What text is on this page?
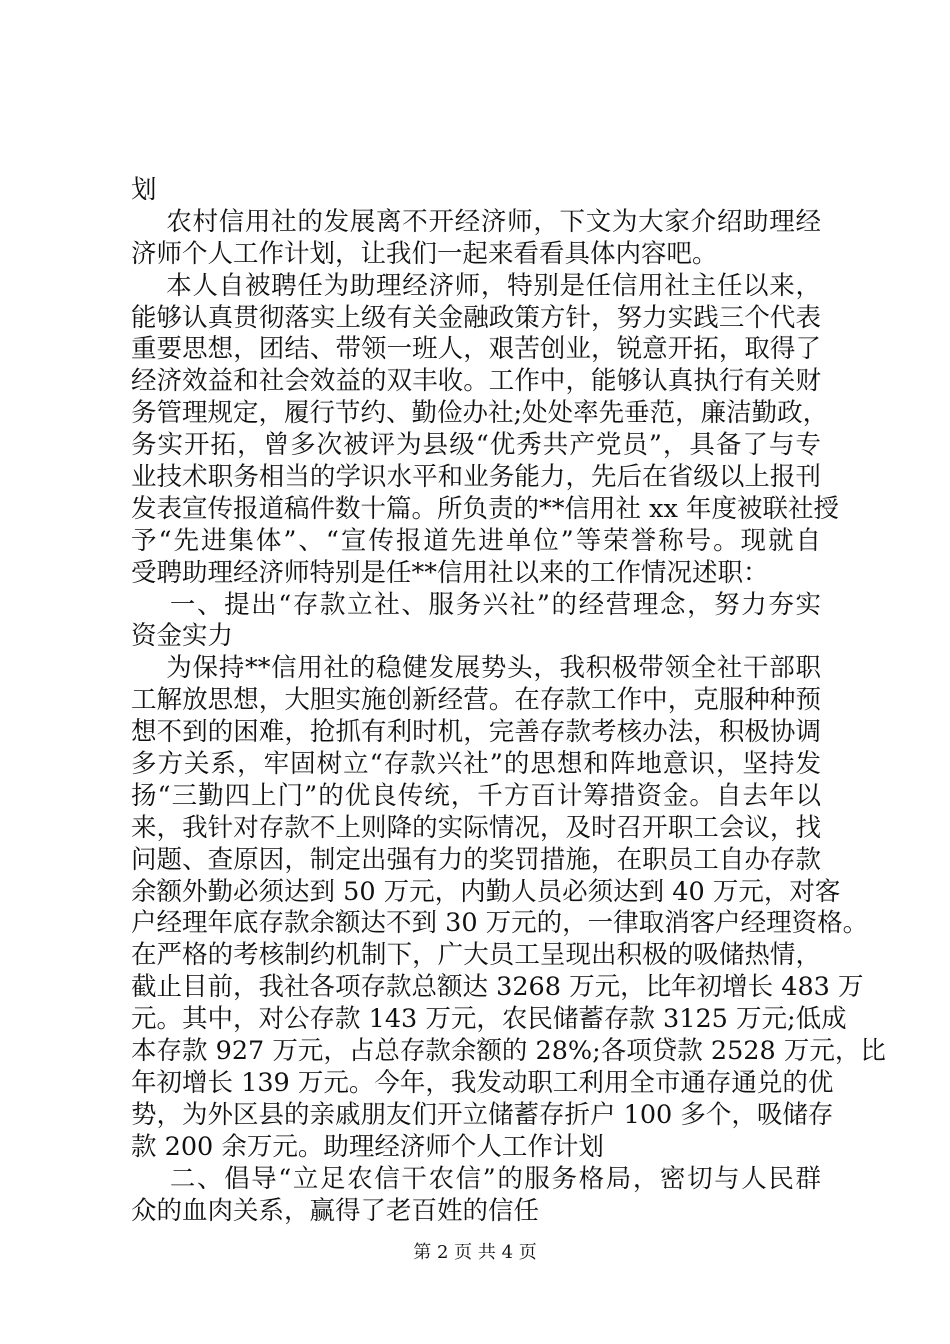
划
农村信用社的发展离不开经济师，下文为大家介绍助理经
济师个人工作计划，让我们一起来看看具体内容吧。
本人自被聘任为助理经济师，特别是任信用社主任以来，
能够认真贯彻落实上级有关金融政策方针，努力实践三个代表
重要思想，团结、带领一班人，艰苦创业，锐意开拓，取得了
经济效益和社会效益的双丰收。工作中，能够认真执行有关财
务管理规定，履行节约、勤俭办社;处处率先垂范，廉洁勤政，
务实开拓，曾多次被评为县级“优秀共产党员”，具备了与专
业技术职务相当的学识水平和业务能力，先后在省级以上报刊
发表宣传报道稿件数十篇。所负责的**信用社 xx 年度被联社授
予“先进集体”、“宣传报道先进单位”等荣誉称号。现就自
受聘助理经济师特别是任**信用社以来的工作情况述职：
一、提出“存款立社、服务兴社”的经营理念，努力夯实
资金实力
为保持**信用社的稳健发展势头，我积极带领全社干部职
工解放思想，大胆实施创新经营。在存款工作中，克服种种预
想不到的困难，抢抓有利时机，完善存款考核办法，积极协调
多方关系，牢固树立“存款兴社”的思想和阵地意识，坚持发
扬“三勤四上门”的优良传统，千方百计筹措资金。自去年以
来，我针对存款不上则降的实际情况，及时召开职工会议，找
问题、查原因，制定出强有力的奖罚措施，在职员工自办存款
余额外勤必须达到 50 万元，内勤人员必须达到 40 万元，对客
户经理年底存款余额达不到 30 万元的，一律取消客户经理资格。
在严格的考核制约机制下，广大员工呈现出积极的吸储热情，
截止目前，我社各项存款总额达 3268 万元，比年初增长 483 万
元。其中，对公存款 143 万元，农民储蓄存款 3125 万元;低成
本存款 927 万元，占总存款余额的 28%;各项贷款 2528 万元，比
年初增长 139 万元。今年，我发动职工利用全市通存通兑的优
势，为外区县的亲戚朋友们开立储蓄存折户 100 多个，吸储存
款 200 余万元。助理经济师个人工作计划
二、倡导“立足农信干农信”的服务格局，密切与人民群
众的血肉关系，赢得了老百姓的信任
第 2 页 共 4 页
